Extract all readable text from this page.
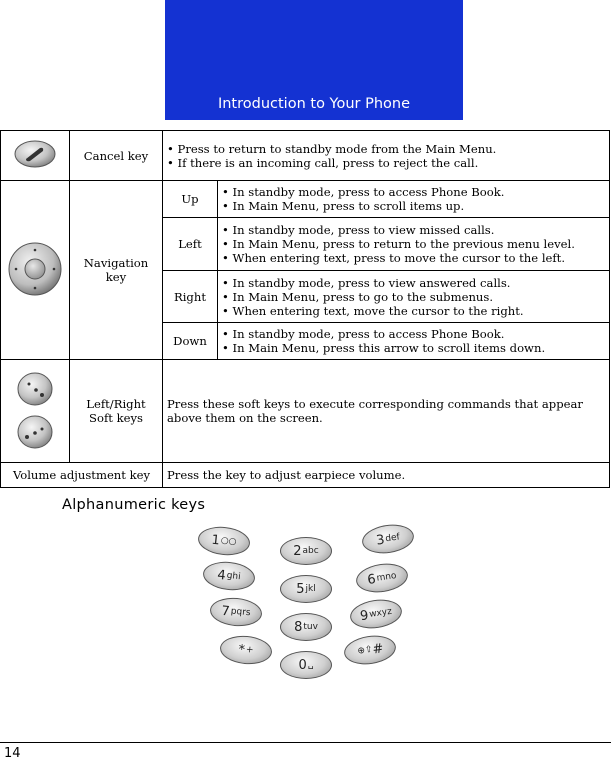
Introduction to Your Phone
	Cancel key	• Press to return to standby mode from the Main Menu.
• If there is an incoming call, press to reject the call.	

	Navigation key	Up	• In standby mode, press to access Phone Book.
• In Main Menu, press to scroll items up.

		Left	• In standby mode, press to view missed calls.
• In Main Menu, press to return to the previous menu level.
• When entering text, press to move the cursor to the left.

		Right	• In standby mode, press to view answered calls.
• In Main Menu, press to go to the submenus.
• When entering text, move the cursor to the right.

		Down	• In standby mode, press to access Phone Book.
• In Main Menu, press this arrow to scroll items down.

	Left/Right Soft keys	Press these soft keys to execute corresponding commands that appear above them on the screen.	
Volume adjustment key		Press the key to adjust earpiece volume.	
Alphanumeric keys
1 ○○
2 abc
3 def
4 ghi
5 jkl
6 mno
7 pqrs
8 tuv
9 wxyz
* +
0 ␣
⊕⇧
#
14
